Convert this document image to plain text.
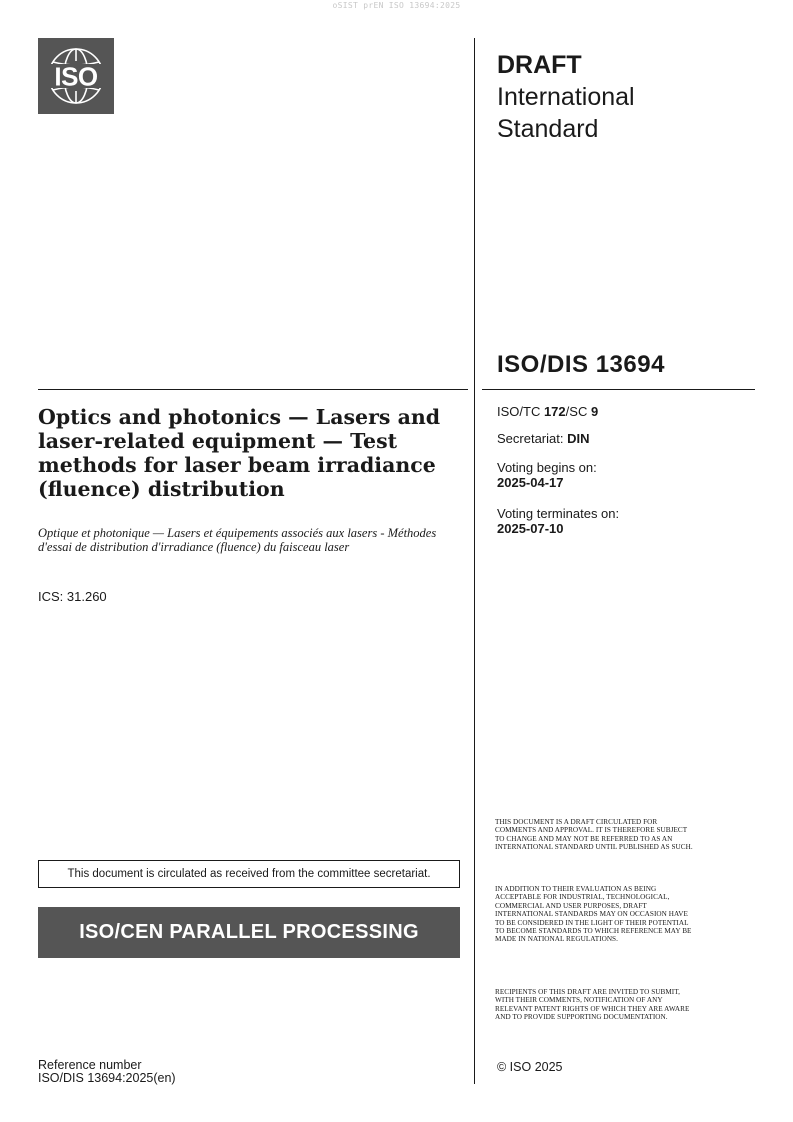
oSIST prEN ISO 13694:2025
ISO	DRAFT
International
Standard
ISO/DIS 13694
ISO/TC 172/SC 9
Secretariat: DIN
Voting begins on:
2025-04-17
Voting terminates on:
2025-07-10
Optics and photonics — Lasers and laser-related equipment — Test methods for laser beam irradiance (fluence) distribution
Optique et photonique — Lasers et équipements associés aux lasers - Méthodes d'essai de distribution d'irradiance (fluence) du faisceau laser
ICS: 31.260
This document is circulated as received from the committee secretariat.
ISO/CEN PARALLEL PROCESSING
Reference number
ISO/DIS 13694:2025(en)
THIS DOCUMENT IS A DRAFT CIRCULATED FOR COMMENTS AND APPROVAL. IT IS THEREFORE SUBJECT TO CHANGE AND MAY NOT BE REFERRED TO AS AN INTERNATIONAL STANDARD UNTIL PUBLISHED AS SUCH.
IN ADDITION TO THEIR EVALUATION AS BEING ACCEPTABLE FOR INDUSTRIAL, TECHNOLOGICAL, COMMERCIAL AND USER PURPOSES, DRAFT INTERNATIONAL STANDARDS MAY ON OCCASION HAVE TO BE CONSIDERED IN THE LIGHT OF THEIR POTENTIAL TO BECOME STANDARDS TO WHICH REFERENCE MAY BE MADE IN NATIONAL REGULATIONS.
RECIPIENTS OF THIS DRAFT ARE INVITED TO SUBMIT, WITH THEIR COMMENTS, NOTIFICATION OF ANY RELEVANT PATENT RIGHTS OF WHICH THEY ARE AWARE AND TO PROVIDE SUPPORTING DOCUMENTATION.
© ISO 2025
